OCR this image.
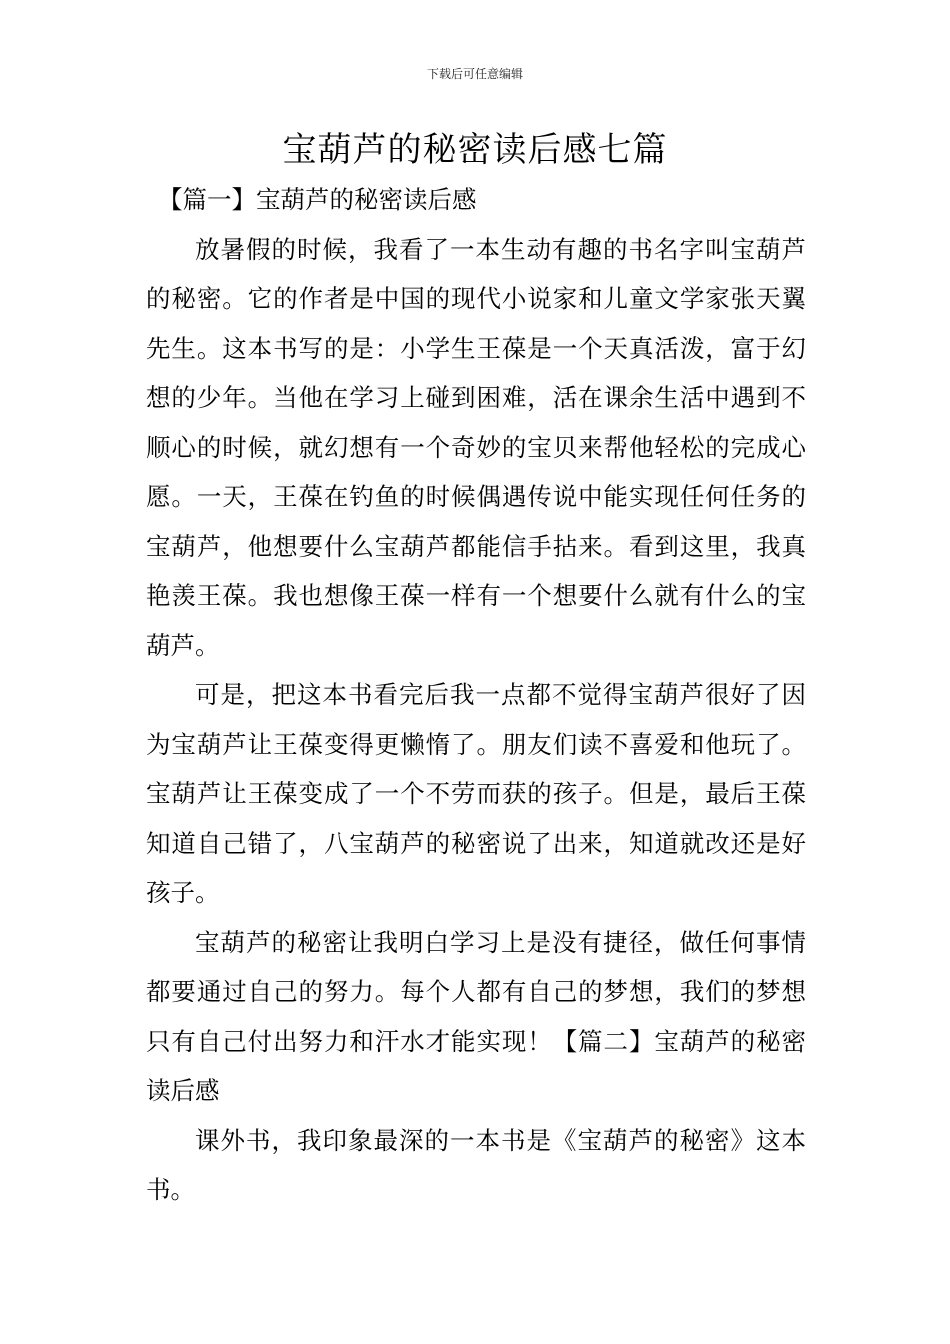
下载后可任意编辑
宝葫芦的秘密读后感七篇

【篇一】宝葫芦的秘密读后感

放暑假的时候，我看了一本生动有趣的书名字叫宝葫芦的秘密。它的作者是中国的现代小说家和儿童文学家张天翼先生。这本书写的是：小学生王葆是一个天真活泼，富于幻想的少年。当他在学习上碰到困难，活在课余生活中遇到不顺心的时候，就幻想有一个奇妙的宝贝来帮他轻松的完成心愿。一天，王葆在钓鱼的时候偶遇传说中能实现任何任务的宝葫芦，他想要什么宝葫芦都能信手拈来。看到这里，我真艳羡王葆。我也想像王葆一样有一个想要什么就有什么的宝葫芦。

可是，把这本书看完后我一点都不觉得宝葫芦很好了因为宝葫芦让王葆变得更懒惰了。朋友们读不喜爱和他玩了。宝葫芦让王葆变成了一个不劳而获的孩子。但是，最后王葆知道自己错了，八宝葫芦的秘密说了出来，知道就改还是好孩子。

宝葫芦的秘密让我明白学习上是没有捷径，做任何事情都要通过自己的努力。每个人都有自己的梦想，我们的梦想只有自己付出努力和汗水才能实现！【篇二】宝葫芦的秘密读后感

课外书，我印象最深的一本书是《宝葫芦的秘密》这本书。
